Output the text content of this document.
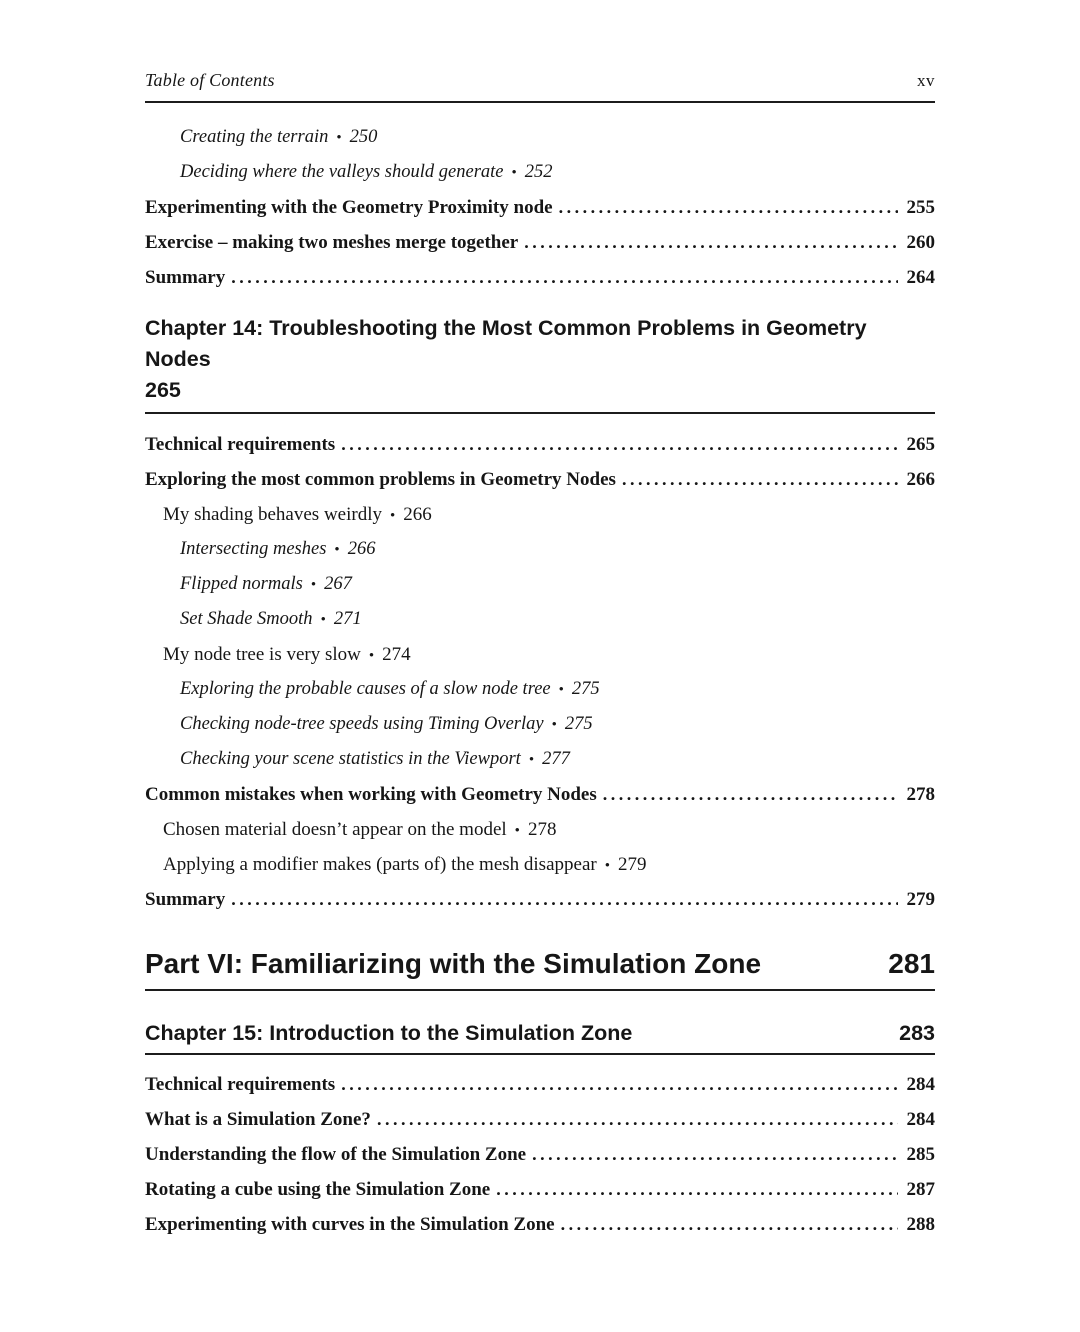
Table of Contents	xv
Creating the terrain • 250
Deciding where the valleys should generate • 252
Experimenting with the Geometry Proximity node .....	255
Exercise – making two meshes merge together .....	260
Summary .....	264
Chapter 14: Troubleshooting the Most Common Problems in Geometry Nodes
265
Technical requirements .....	265
Exploring the most common problems in Geometry Nodes .....	266
My shading behaves weirdly • 266
Intersecting meshes • 266
Flipped normals • 267
Set Shade Smooth • 271
My node tree is very slow • 274
Exploring the probable causes of a slow node tree • 275
Checking node-tree speeds using Timing Overlay • 275
Checking your scene statistics in the Viewport • 277
Common mistakes when working with Geometry Nodes .....	278
Chosen material doesn’t appear on the model • 278
Applying a modifier makes (parts of) the mesh disappear • 279
Summary .....	279
Part VI: Familiarizing with the Simulation Zone	281
Chapter 15: Introduction to the Simulation Zone	283
Technical requirements .....	284
What is a Simulation Zone? .....	284
Understanding the flow of the Simulation Zone .....	285
Rotating a cube using the Simulation Zone .....	287
Experimenting with curves in the Simulation Zone .....	288
